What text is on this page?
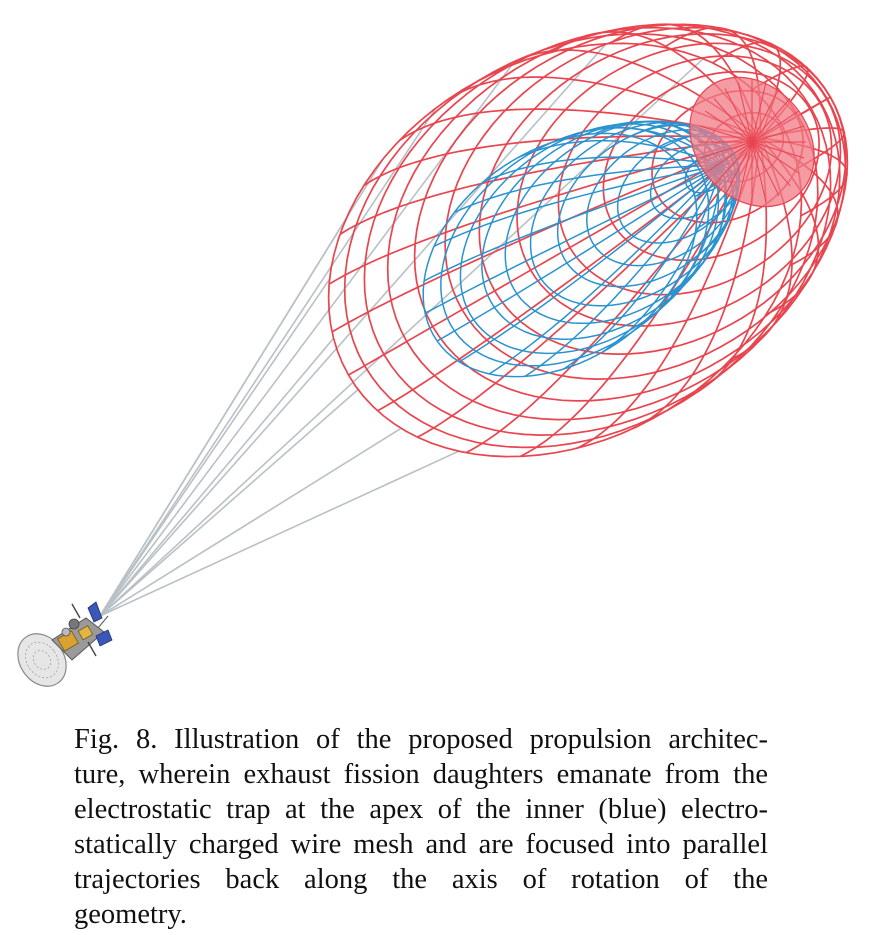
Fig. 8. Illustration of the proposed propulsion architec-
ture, wherein exhaust fission daughters emanate from the
electrostatic trap at the apex of the inner (blue) electro-
statically charged wire mesh and are focused into parallel
trajectories back along the axis of rotation of the
geometry.
